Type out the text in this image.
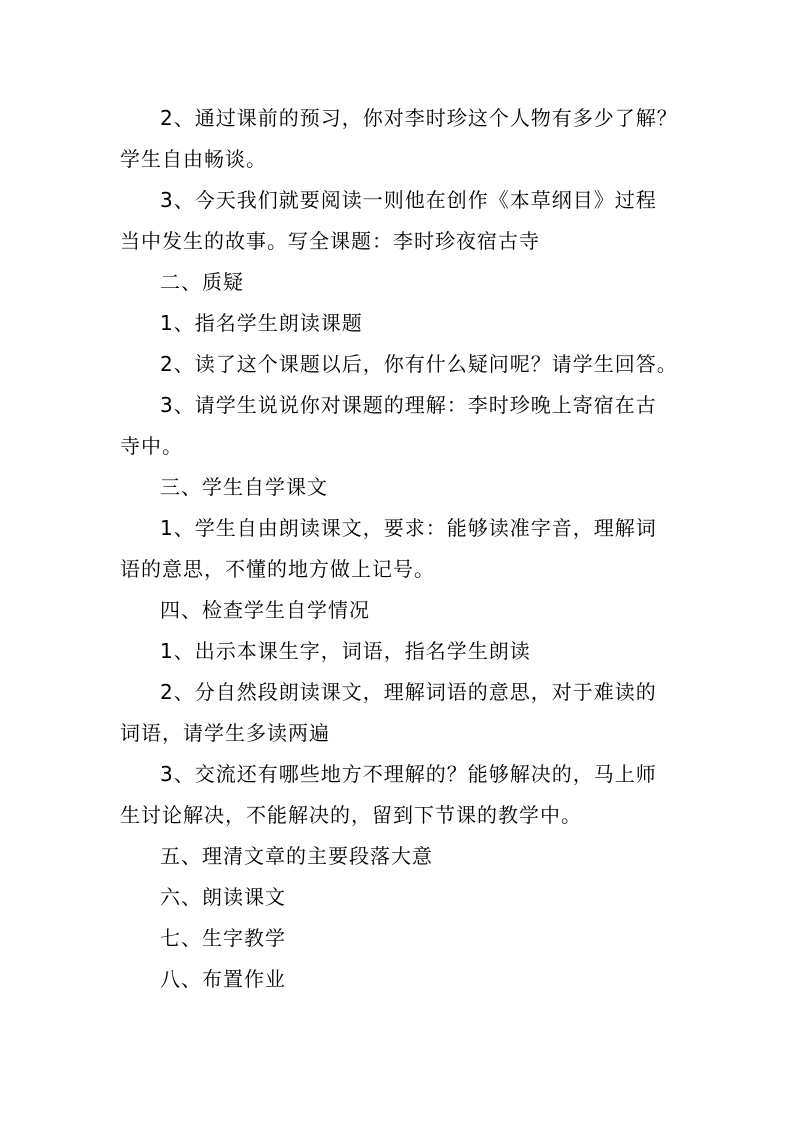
2、通过课前的预习，你对李时珍这个人物有多少了解？

学生自由畅谈。

3、今天我们就要阅读一则他在创作《本草纲目》过程

当中发生的故事。写全课题：李时珍夜宿古寺

二、质疑

1、指名学生朗读课题

2、读了这个课题以后，你有什么疑问呢？请学生回答。

3、请学生说说你对课题的理解：李时珍晚上寄宿在古

寺中。

三、学生自学课文

1、学生自由朗读课文，要求：能够读准字音，理解词

语的意思，不懂的地方做上记号。

四、检查学生自学情况

1、出示本课生字，词语，指名学生朗读

2、分自然段朗读课文，理解词语的意思，对于难读的

词语，请学生多读两遍

3、交流还有哪些地方不理解的？能够解决的，马上师

生讨论解决，不能解决的，留到下节课的教学中。

五、理清文章的主要段落大意

六、朗读课文

七、生字教学

八、布置作业
